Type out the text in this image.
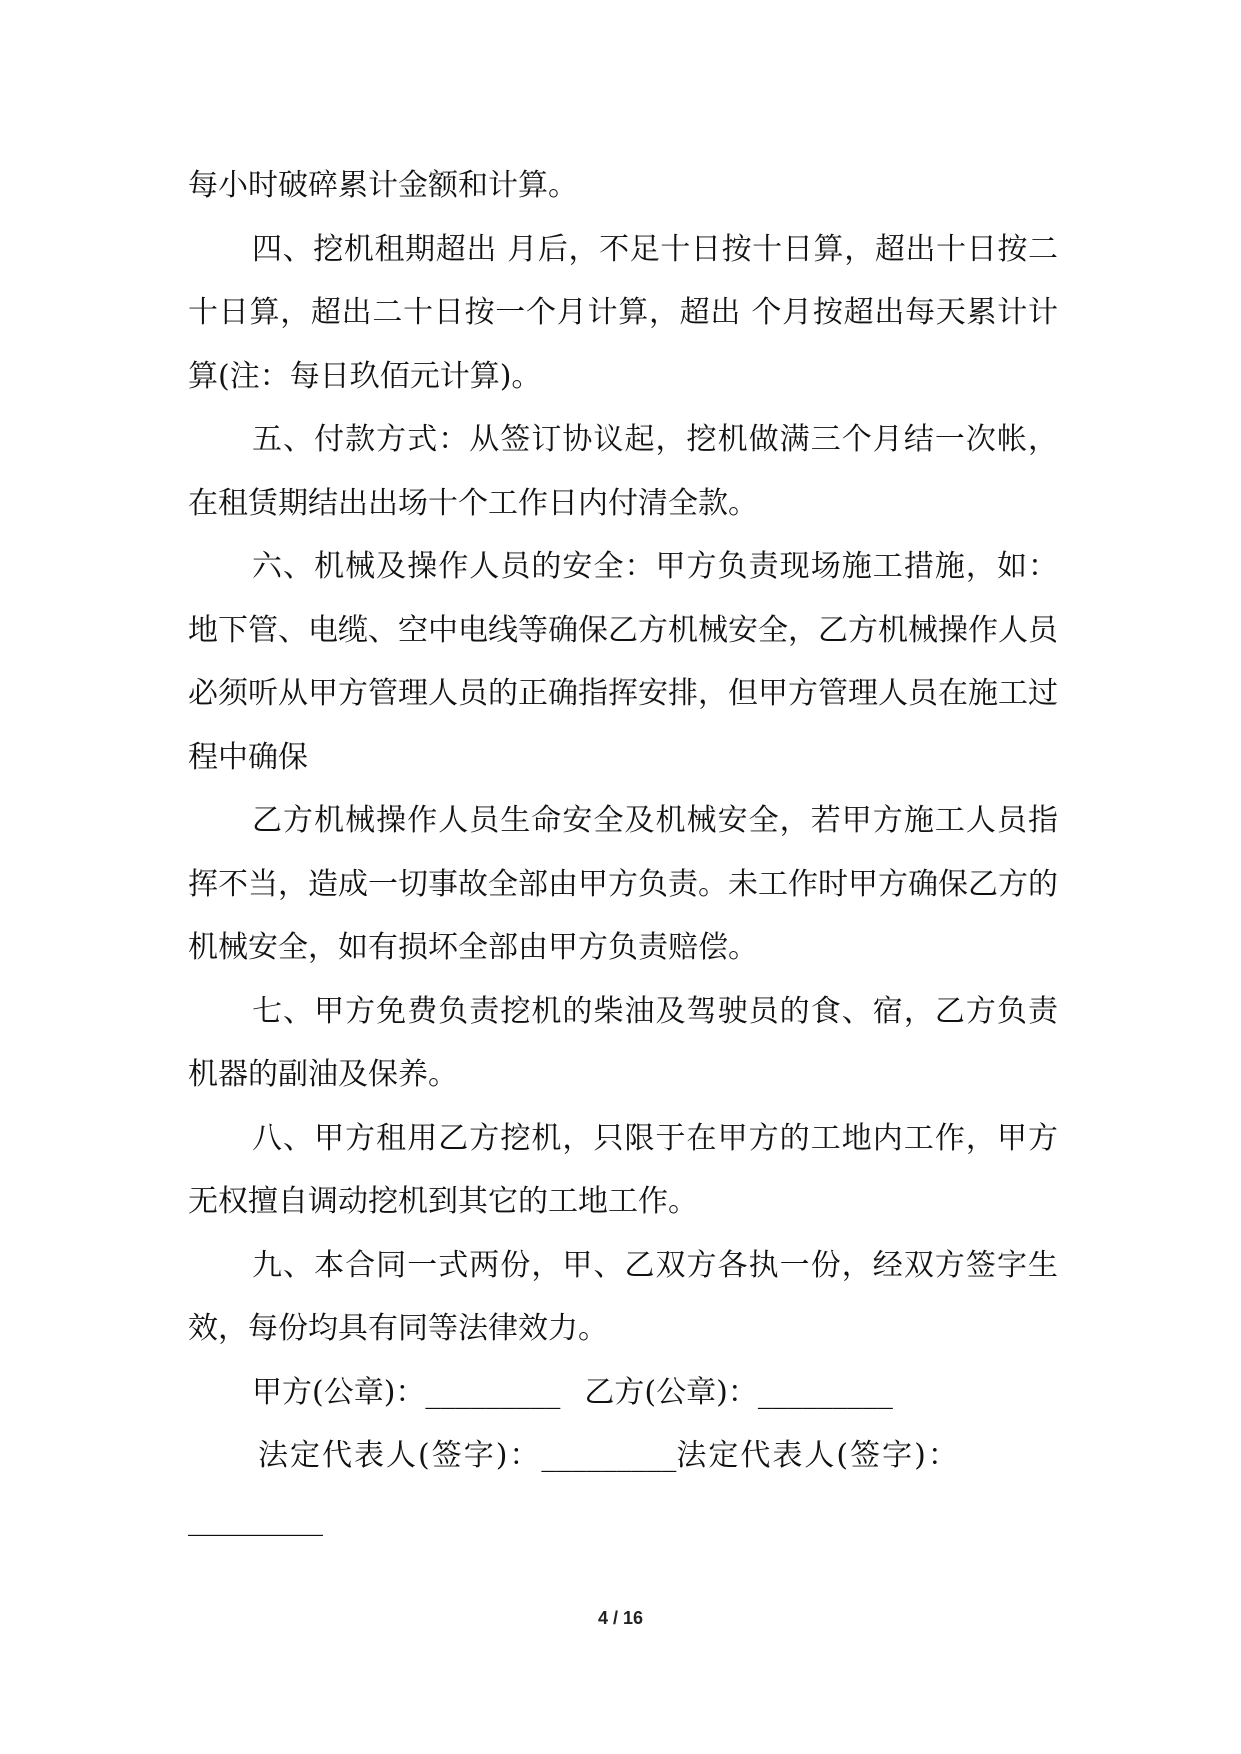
每小时破碎累计金额和计算。

四、挖机租期超出 月后，不足十日按十日算，超出十日按二十日算，超出二十日按一个月计算，超出 个月按超出每天累计计算(注：每日玖佰元计算)。

五、付款方式：从签订协议起，挖机做满三个月结一次帐，在租赁期结出出场十个工作日内付清全款。

六、机械及操作人员的安全：甲方负责现场施工措施，如：地下管、电缆、空中电线等确保乙方机械安全，乙方机械操作人员必须听从甲方管理人员的正确指挥安排，但甲方管理人员在施工过程中确保

乙方机械操作人员生命安全及机械安全，若甲方施工人员指挥不当，造成一切事故全部由甲方负责。未工作时甲方确保乙方的机械安全，如有损坏全部由甲方负责赔偿。

七、甲方免费负责挖机的柴油及驾驶员的食、宿，乙方负责机器的副油及保养。

八、甲方租用乙方挖机，只限于在甲方的工地内工作，甲方无权擅自调动挖机到其它的工地工作。

九、本合同一式两份，甲、乙双方各执一份，经双方签字生效，每份均具有同等法律效力。

甲方(公章)：_________ 乙方(公章)：_________

法定代表人(签字)：_________法定代表人(签字)：

_________

4 / 16
